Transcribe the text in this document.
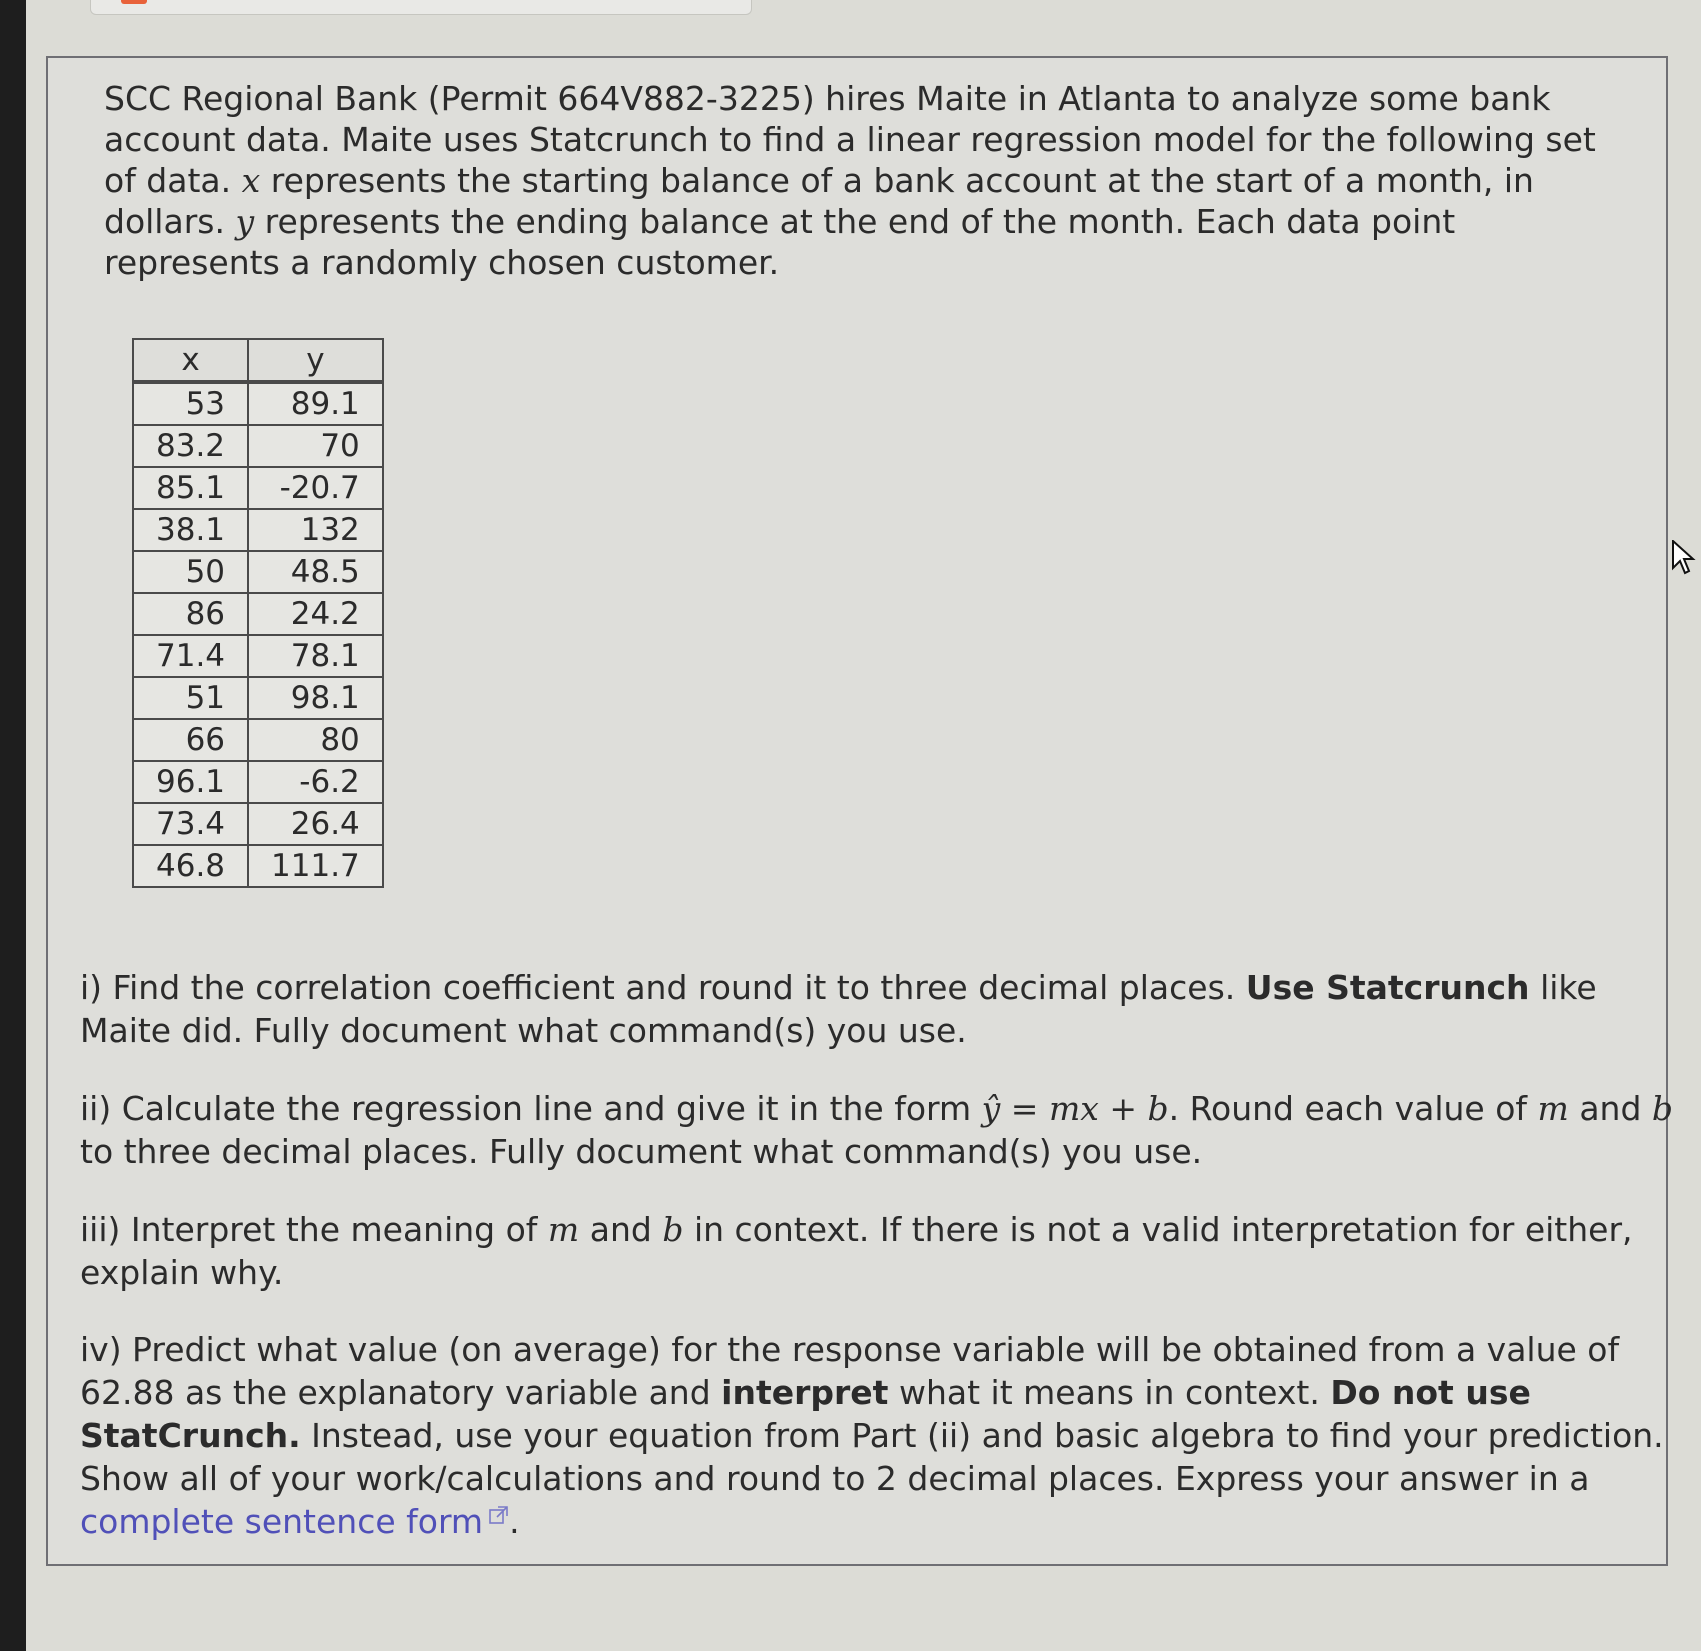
SCC Regional Bank (Permit 664V882-3225) hires Maite in Atlanta to analyze some bank account data. Maite uses Statcrunch to find a linear regression model for the following set of data. x represents the starting balance of a bank account at the start of a month, in dollars. y represents the ending balance at the end of the month. Each data point represents a randomly chosen customer.

x	y
53	89.1
83.2	70
85.1	-20.7
38.1	132
50	48.5
86	24.2
71.4	78.1
51	98.1
66	80
96.1	-6.2
73.4	26.4
46.8	111.7

i) Find the correlation coefficient and round it to three decimal places. Use Statcrunch like Maite did. Fully document what command(s) you use.

ii) Calculate the regression line and give it in the form ŷ = mx + b. Round each value of m and b to three decimal places. Fully document what command(s) you use.

iii) Interpret the meaning of m and b in context. If there is not a valid interpretation for either, explain why.

iv) Predict what value (on average) for the response variable will be obtained from a value of 62.88 as the explanatory variable and interpret what it means in context. Do not use StatCrunch. Instead, use your equation from Part (ii) and basic algebra to find your prediction. Show all of your work/calculations and round to 2 decimal places. Express your answer in a complete sentence form .
